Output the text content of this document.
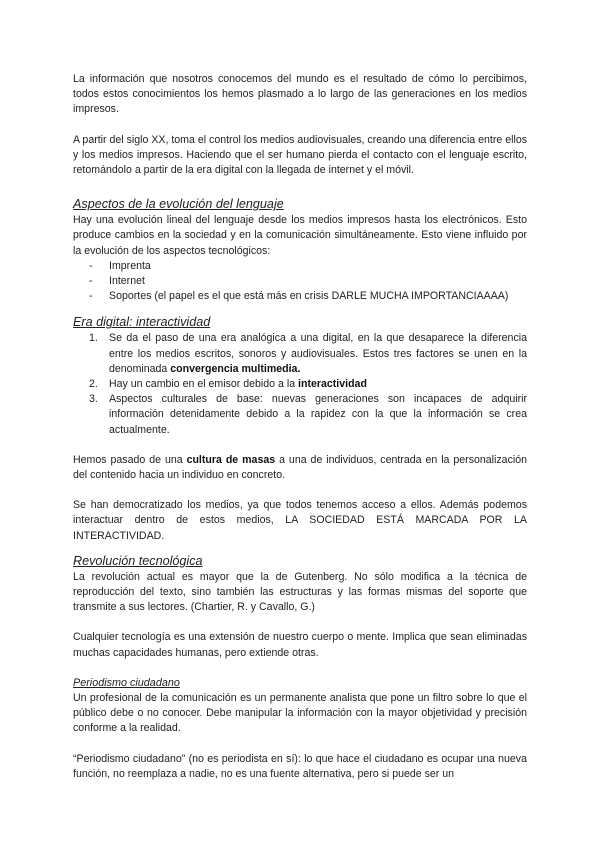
La información que nosotros conocemos del mundo es el resultado de cómo lo percibimos, todos estos conocimientos los hemos plasmado a lo largo de las generaciones en los medios impresos.

A partir del siglo XX, toma el control los medios audiovisuales, creando una diferencia entre ellos y los medios impresos. Haciendo que el ser humano pierda el contacto con el lenguaje escrito, retomándolo a partir de la era digital con la llegada de internet y el móvil.

Aspectos de la evolución del lenguaje

Hay una evolución lineal del lenguaje desde los medios impresos hasta los electrónicos. Esto produce cambios en la sociedad y en la comunicación simultáneamente. Esto viene influido por la evolución de los aspectos tecnológicos:

- Imprenta
- Internet
- Soportes (el papel es el que está más en crisis DARLE MUCHA IMPORTANCIAAAA)
Era digital: interactividad
1. Se da el paso de una era analógica a una digital, en la que desaparece la diferencia entre los medios escritos, sonoros y audiovisuales. Estos tres factores se unen en la denominada convergencia multimedia.
2. Hay un cambio en el emisor debido a la interactividad
3. Aspectos culturales de base: nuevas generaciones son incapaces de adquirir información detenidamente debido a la rapidez con la que la información se crea actualmente.

Hemos pasado de una cultura de masas a una de individuos, centrada en la personalización del contenido hacia un individuo en concreto.

Se han democratizado los medios, ya que todos tenemos acceso a ellos. Además podemos interactuar dentro de estos medios, LA SOCIEDAD ESTÁ MARCADA POR LA INTERACTIVIDAD.

Revolución tecnológica

La revolución actual es mayor que la de Gutenberg. No sólo modifica a la técnica de reproducción del texto, sino también las estructuras y las formas mismas del soporte que transmite a sus lectores. (Chartier, R. y Cavallo, G.)

Cualquier tecnología es una extensión de nuestro cuerpo o mente. Implica que sean eliminadas muchas capacidades humanas, pero extiende otras.

Periodismo ciudadano

Un profesional de la comunicación es un permanente analista que pone un filtro sobre lo que el público debe o no conocer. Debe manipular la información con la mayor objetividad y precisión conforme a la realidad.

“Periodismo ciudadano” (no es periodista en sí): lo que hace el ciudadano es ocupar una nueva función, no reemplaza a nadie, no es una fuente alternativa, pero si puede ser un
